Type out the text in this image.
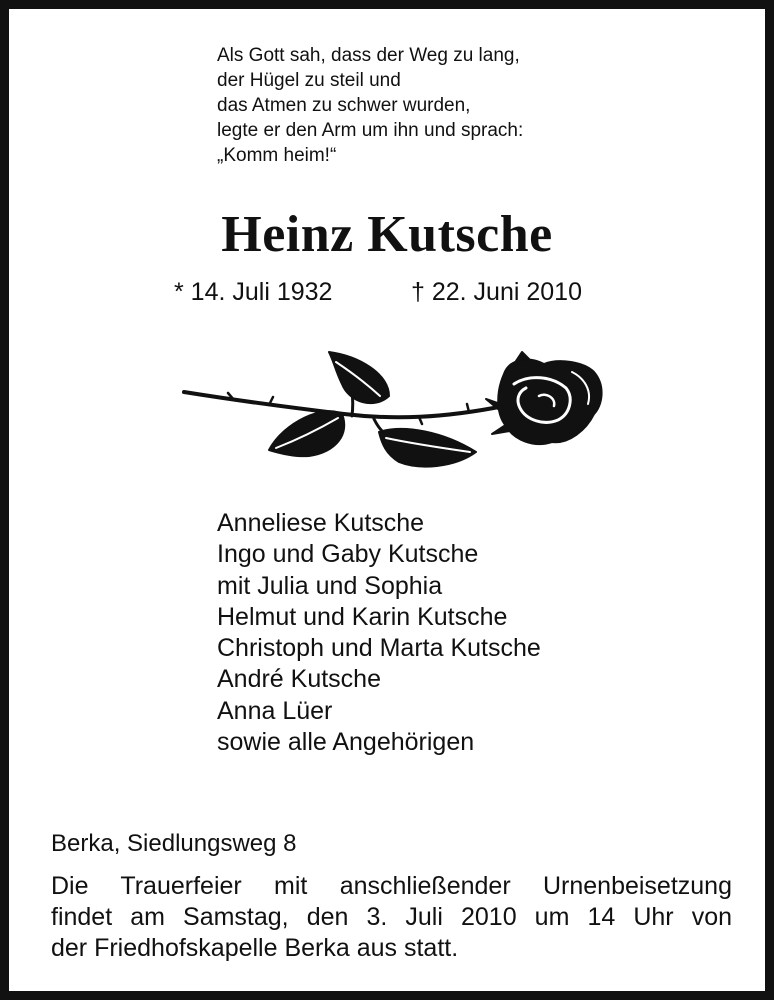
Als Gott sah, dass der Weg zu lang,
der Hügel zu steil und
das Atmen zu schwer wurden,
legte er den Arm um ihn und sprach:
„Komm heim!“
Heinz Kutsche
* 14. Juli 1932	† 22. Juni 2010
Anneliese Kutsche
Ingo und Gaby Kutsche
mit Julia und Sophia
Helmut und Karin Kutsche
Christoph und Marta Kutsche
André Kutsche
Anna Lüer
sowie alle Angehörigen
Berka, Siedlungsweg 8
Die Trauerfeier mit anschließender Urnenbeisetzung
findet am Samstag, den 3. Juli 2010 um 14 Uhr von
der Friedhofskapelle Berka aus statt.
